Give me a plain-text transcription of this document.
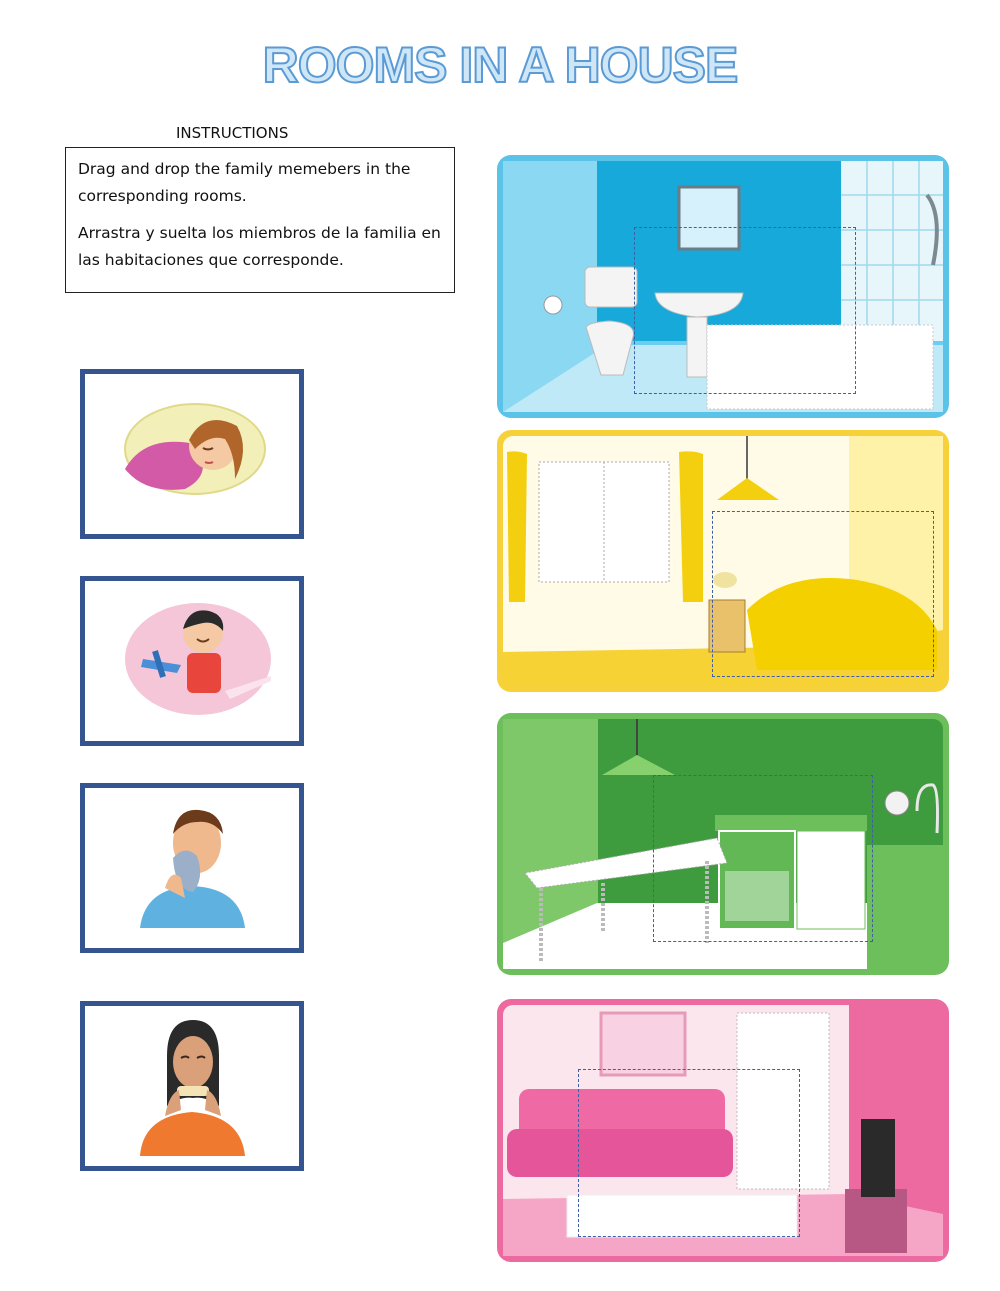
ROOMS IN A HOUSE
INSTRUCTIONS

Drag and drop the family memebers in the corresponding rooms.

Arrastra y suelta los miembros de la familia en las habitaciones que corresponde.
